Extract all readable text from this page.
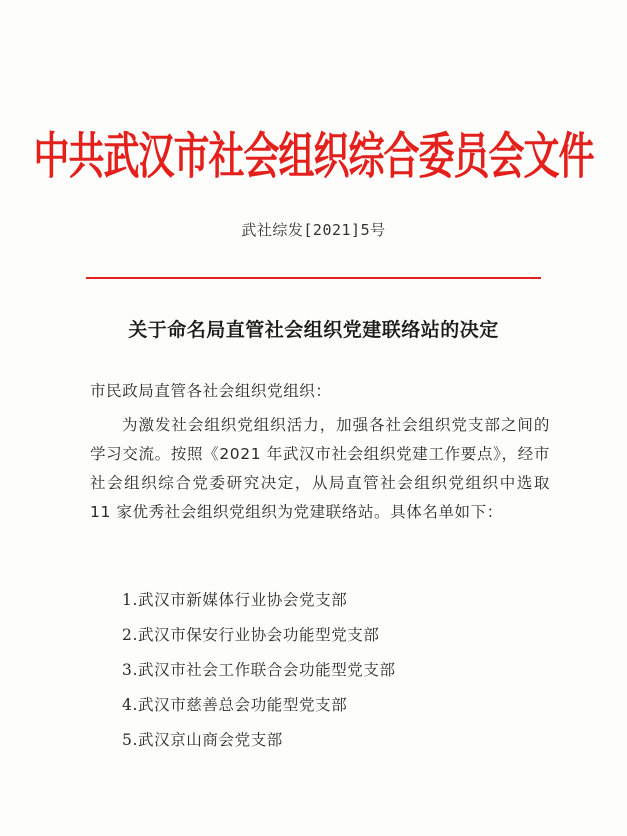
中共武汉市社会组织综合委员会文件
武社综发[2021]5号
关于命名局直管社会组织党建联络站的决定
市民政局直管各社会组织党组织：
为激发社会组织党组织活力，加强各社会组织党支部之间的学习交流。按照《2021 年武汉市社会组织党建工作要点》，经市社会组织综合党委研究决定，从局直管社会组织党组织中选取 11 家优秀社会组织党组织为党建联络站。具体名单如下：
1.武汉市新媒体行业协会党支部
2.武汉市保安行业协会功能型党支部
3.武汉市社会工作联合会功能型党支部
4.武汉市慈善总会功能型党支部
5.武汉京山商会党支部
